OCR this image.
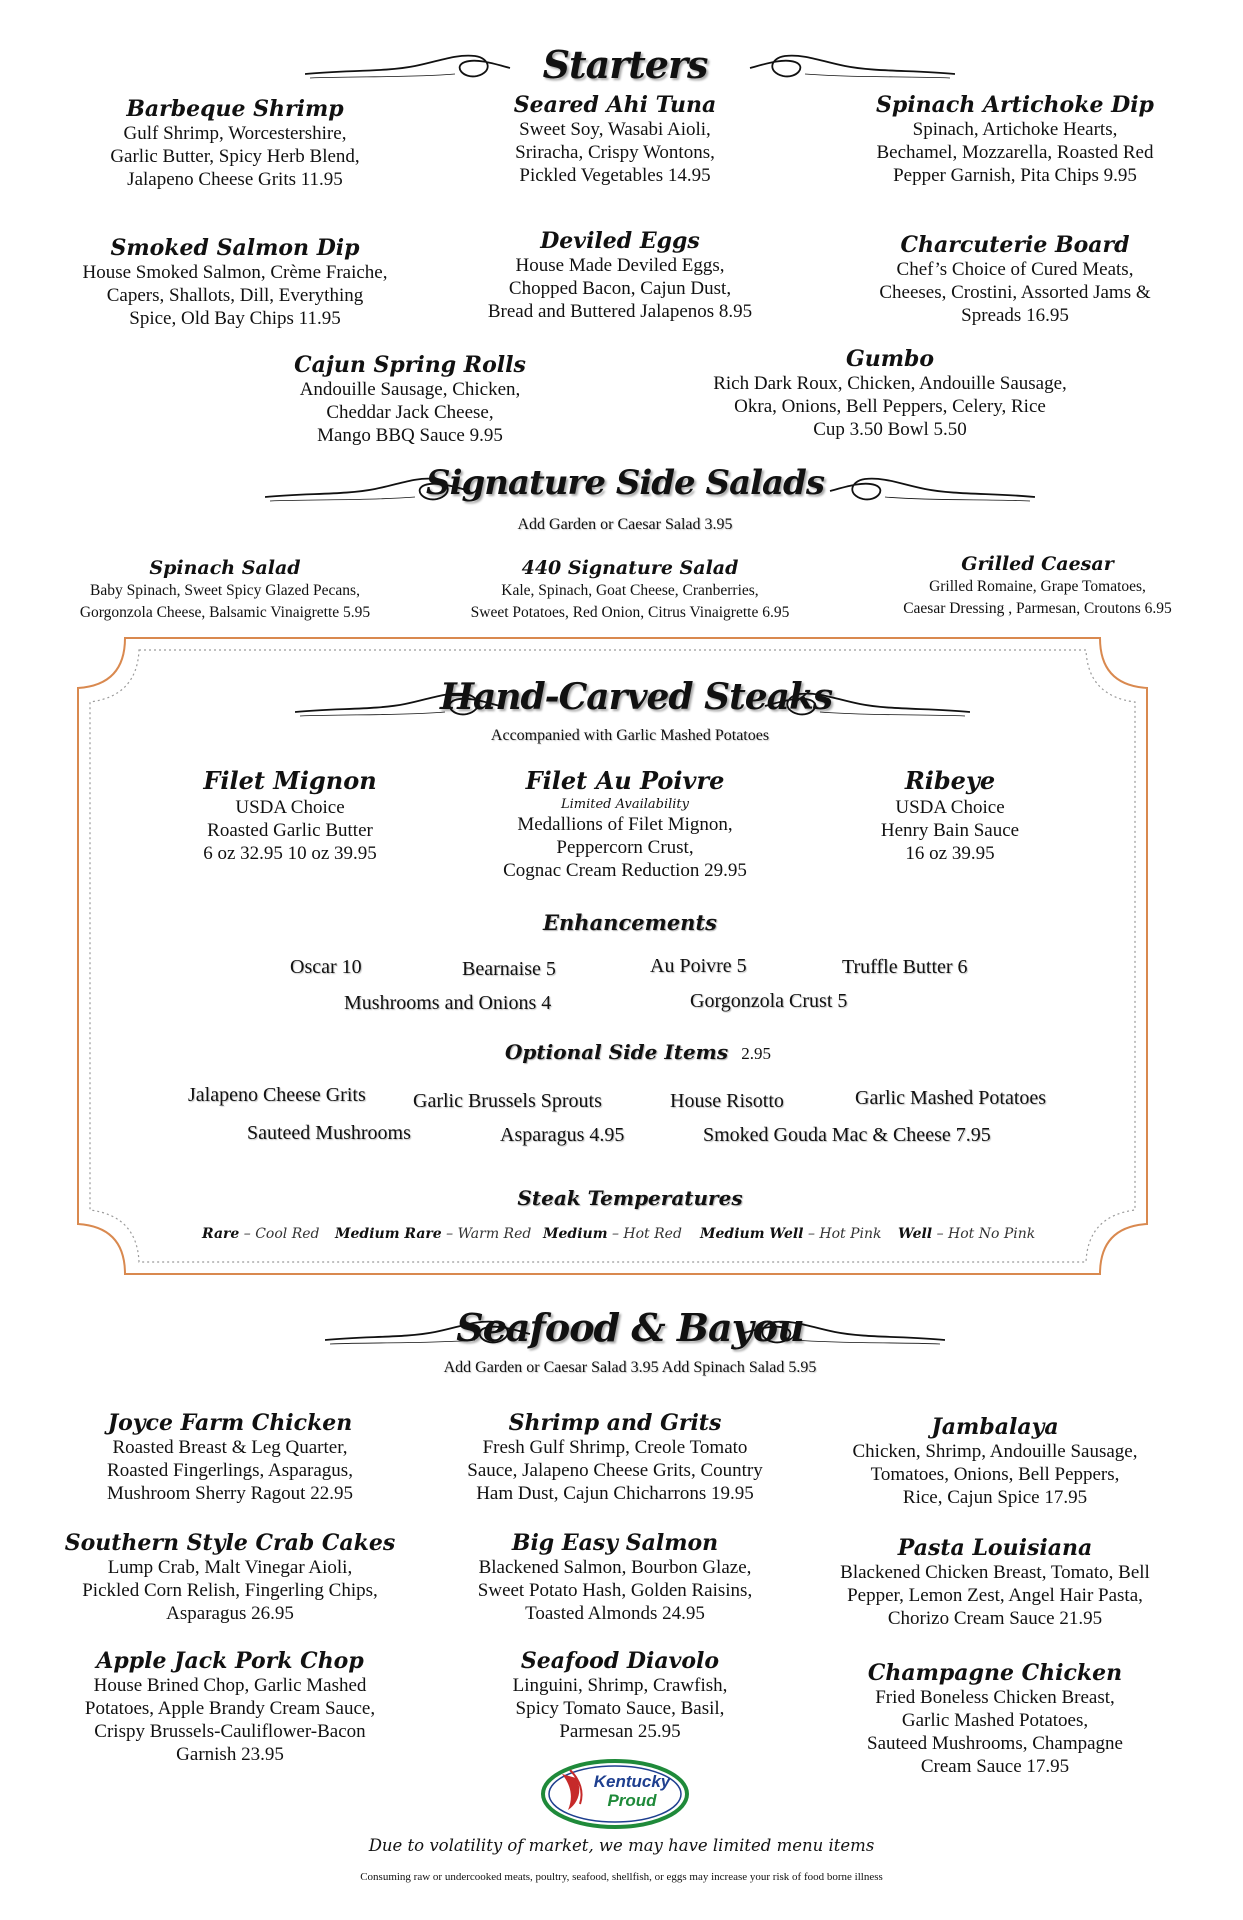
Starters
Barbeque Shrimp
Gulf Shrimp, Worcestershire,
Garlic Butter, Spicy Herb Blend,
Jalapeno Cheese Grits 11.95
Seared Ahi Tuna
Sweet Soy, Wasabi Aioli,
Sriracha, Crispy Wontons,
Pickled Vegetables 14.95
Spinach Artichoke Dip
Spinach, Artichoke Hearts,
Bechamel, Mozzarella, Roasted Red
Pepper Garnish, Pita Chips 9.95
Smoked Salmon Dip
House Smoked Salmon, Crème Fraiche,
Capers, Shallots, Dill, Everything
Spice, Old Bay Chips 11.95
Deviled Eggs
House Made Deviled Eggs,
Chopped Bacon, Cajun Dust,
Bread and Buttered Jalapenos 8.95
Charcuterie Board
Chef’s Choice of Cured Meats,
Cheeses, Crostini, Assorted Jams &
Spreads 16.95
Cajun Spring Rolls
Andouille Sausage, Chicken,
Cheddar Jack Cheese,
Mango BBQ Sauce 9.95
Gumbo
Rich Dark Roux, Chicken, Andouille Sausage,
Okra, Onions, Bell Peppers, Celery, Rice
Cup 3.50 Bowl 5.50
Signature Side Salads
Add Garden or Caesar Salad 3.95
Spinach Salad
Baby Spinach, Sweet Spicy Glazed Pecans,
Gorgonzola Cheese, Balsamic Vinaigrette 5.95
440 Signature Salad
Kale, Spinach, Goat Cheese, Cranberries,
Sweet Potatoes, Red Onion, Citrus Vinaigrette 6.95
Grilled Caesar
Grilled Romaine, Grape Tomatoes,
Caesar Dressing , Parmesan, Croutons 6.95
Hand-Carved Steaks
Accompanied with Garlic Mashed Potatoes
Filet Mignon
USDA Choice
Roasted Garlic Butter
6 oz 32.95 10 oz 39.95
Filet Au Poivre
Limited Availability
Medallions of Filet Mignon,
Peppercorn Crust,
Cognac Cream Reduction 29.95
Ribeye
USDA Choice
Henry Bain Sauce
16 oz 39.95
Enhancements
Oscar 10	Bearnaise 5	Au Poivre 5	Truffle Butter 6
Mushrooms and Onions 4	Gorgonzola Crust 5
Optional Side Items 2.95
Jalapeno Cheese Grits Garlic Brussels Sprouts	House Risotto	Garlic Mashed Potatoes
Sauteed Mushrooms	Asparagus 4.95	Smoked Gouda Mac & Cheese 7.95
Steak Temperatures
Rare – Cool Red Medium Rare – Warm Red Medium – Hot Red Medium Well – Hot Pink Well – Hot No Pink
Seafood & Bayou
Add Garden or Caesar Salad 3.95 Add Spinach Salad 5.95
Joyce Farm Chicken
Roasted Breast & Leg Quarter,
Roasted Fingerlings, Asparagus,
Mushroom Sherry Ragout 22.95
Shrimp and Grits
Fresh Gulf Shrimp, Creole Tomato
Sauce, Jalapeno Cheese Grits, Country
Ham Dust, Cajun Chicharrons 19.95
Jambalaya
Chicken, Shrimp, Andouille Sausage,
Tomatoes, Onions, Bell Peppers,
Rice, Cajun Spice 17.95
Southern Style Crab Cakes
Lump Crab, Malt Vinegar Aioli,
Pickled Corn Relish, Fingerling Chips,
Asparagus 26.95
Big Easy Salmon
Blackened Salmon, Bourbon Glaze,
Sweet Potato Hash, Golden Raisins,
Toasted Almonds 24.95
Pasta Louisiana
Blackened Chicken Breast, Tomato, Bell
Pepper, Lemon Zest, Angel Hair Pasta,
Chorizo Cream Sauce 21.95
Apple Jack Pork Chop
House Brined Chop, Garlic Mashed
Potatoes, Apple Brandy Cream Sauce,
Crispy Brussels-Cauliflower-Bacon
Garnish 23.95
Seafood Diavolo
Linguini, Shrimp, Crawfish,
Spicy Tomato Sauce, Basil,
Parmesan 25.95
Champagne Chicken
Fried Boneless Chicken Breast,
Garlic Mashed Potatoes,
Sauteed Mushrooms, Champagne
Cream Sauce 17.95
Kentucky
Proud
Due to volatility of market, we may have limited menu items
Consuming raw or undercooked meats, poultry, seafood, shellfish, or eggs may increase your risk of food borne illness
